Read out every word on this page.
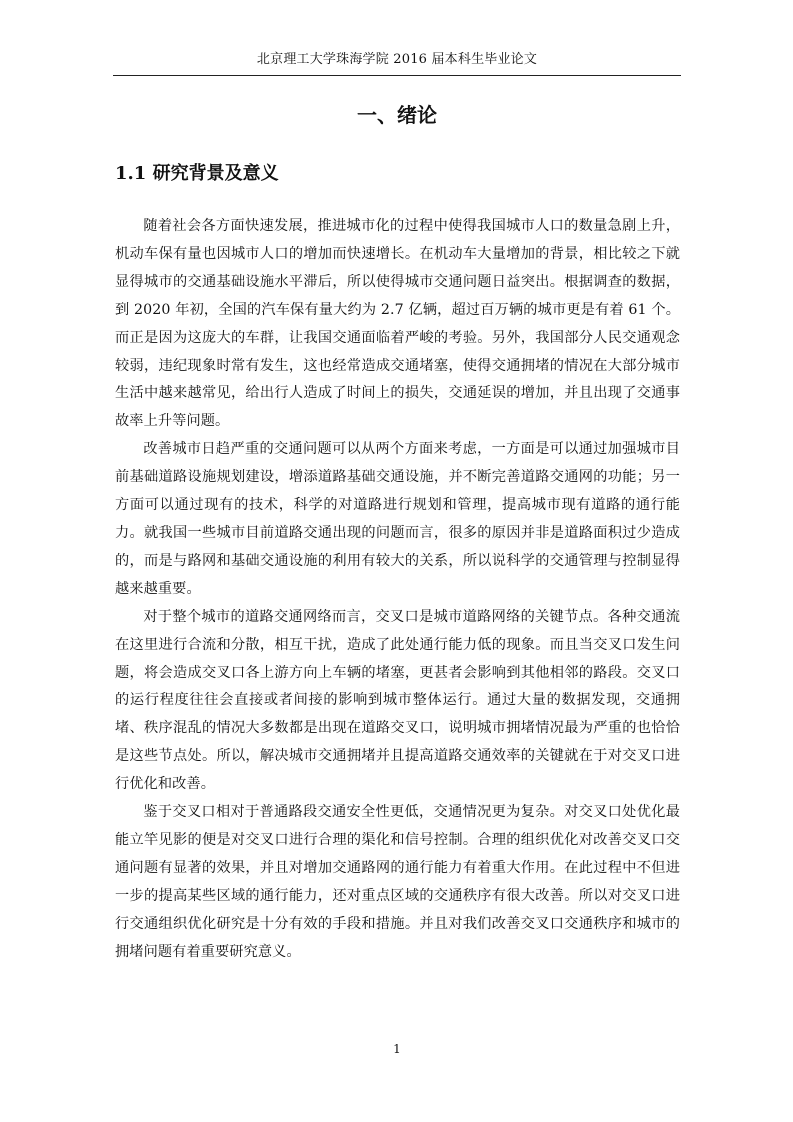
北京理工大学珠海学院 2016 届本科生毕业论文
一、绪论
1.1 研究背景及意义

随着社会各方面快速发展，推进城市化的过程中使得我国城市人口的数量急剧上升，机动车保有量也因城市人口的增加而快速增长。在机动车大量增加的背景，相比较之下就显得城市的交通基础设施水平滞后，所以使得城市交通问题日益突出。根据调查的数据，到 2020 年初，全国的汽车保有量大约为 2.7 亿辆，超过百万辆的城市更是有着 61 个。而正是因为这庞大的车群，让我国交通面临着严峻的考验。另外，我国部分人民交通观念较弱，违纪现象时常有发生，这也经常造成交通堵塞，使得交通拥堵的情况在大部分城市生活中越来越常见，给出行人造成了时间上的损失，交通延误的增加，并且出现了交通事故率上升等问题。

改善城市日趋严重的交通问题可以从两个方面来考虑，一方面是可以通过加强城市目前基础道路设施规划建设，增添道路基础交通设施，并不断完善道路交通网的功能；另一方面可以通过现有的技术，科学的对道路进行规划和管理，提高城市现有道路的通行能力。就我国一些城市目前道路交通出现的问题而言，很多的原因并非是道路面积过少造成的，而是与路网和基础交通设施的利用有较大的关系，所以说科学的交通管理与控制显得越来越重要。

对于整个城市的道路交通网络而言，交叉口是城市道路网络的关键节点。各种交通流在这里进行合流和分散，相互干扰，造成了此处通行能力低的现象。而且当交叉口发生问题，将会造成交叉口各上游方向上车辆的堵塞，更甚者会影响到其他相邻的路段。交叉口的运行程度往往会直接或者间接的影响到城市整体运行。通过大量的数据发现，交通拥堵、秩序混乱的情况大多数都是出现在道路交叉口，说明城市拥堵情况最为严重的也恰恰是这些节点处。所以，解决城市交通拥堵并且提高道路交通效率的关键就在于对交叉口进行优化和改善。

鉴于交叉口相对于普通路段交通安全性更低，交通情况更为复杂。对交叉口处优化最能立竿见影的便是对交叉口进行合理的渠化和信号控制。合理的组织优化对改善交叉口交通问题有显著的效果，并且对增加交通路网的通行能力有着重大作用。在此过程中不但进一步的提高某些区域的通行能力，还对重点区域的交通秩序有很大改善。所以对交叉口进行交通组织优化研究是十分有效的手段和措施。并且对我们改善交叉口交通秩序和城市的拥堵问题有着重要研究意义。

1
